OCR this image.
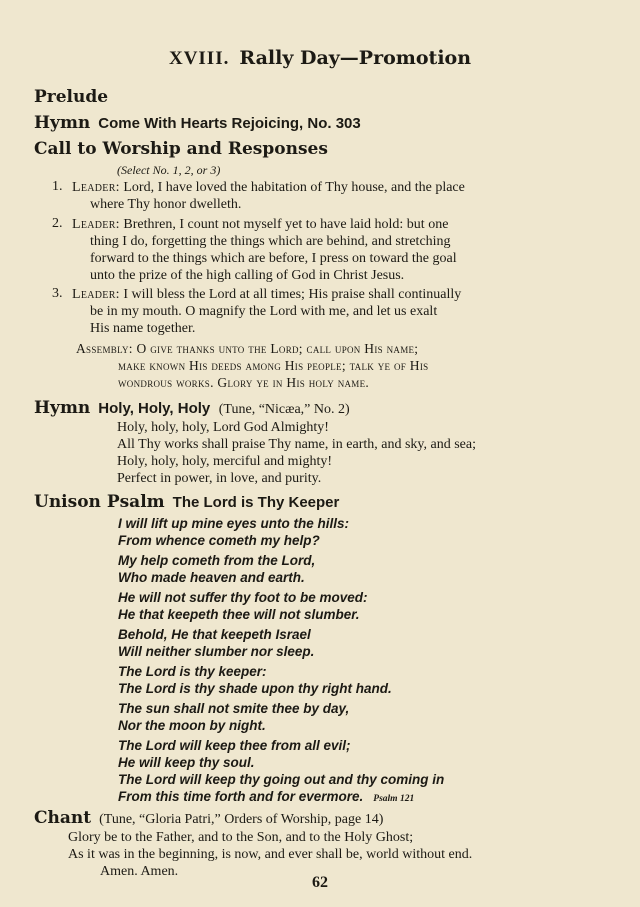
XVIII. Rally Day—Promotion
Prelude
Hymn Come With Hearts Rejoicing, No. 303
Call to Worship and Responses
(Select No. 1, 2, or 3)
1. Leader: Lord, I have loved the habitation of Thy house, and the place
where Thy honor dwelleth.
2. Leader: Brethren, I count not myself yet to have laid hold: but one
thing I do, forgetting the things which are behind, and stretching
forward to the things which are before, I press on toward the goal
unto the prize of the high calling of God in Christ Jesus.
3. Leader: I will bless the Lord at all times; His praise shall continually
be in my mouth. O magnify the Lord with me, and let us exalt
His name together.
Assembly: O give thanks unto the Lord; call upon His name;
make known His deeds among His people; talk ye of His
wondrous works. Glory ye in His holy name.
Hymn Holy, Holy, Holy (Tune, “Nicæa,” No. 2)
Holy, holy, holy, Lord God Almighty!
All Thy works shall praise Thy name, in earth, and sky, and sea;
Holy, holy, holy, merciful and mighty!
Perfect in power, in love, and purity.
Unison Psalm The Lord is Thy Keeper
I will lift up mine eyes unto the hills:
From whence cometh my help?
My help cometh from the Lord,
Who made heaven and earth.
He will not suffer thy foot to be moved:
He that keepeth thee will not slumber.
Behold, He that keepeth Israel
Will neither slumber nor sleep.
The Lord is thy keeper:
The Lord is thy shade upon thy right hand.
The sun shall not smite thee by day,
Nor the moon by night.
The Lord will keep thee from all evil;
He will keep thy soul.
The Lord will keep thy going out and thy coming in
From this time forth and for evermore. Psalm 121
Chant (Tune, “Gloria Patri,” Orders of Worship, page 14)
Glory be to the Father, and to the Son, and to the Holy Ghost;
As it was in the beginning, is now, and ever shall be, world without end.
Amen. Amen.
62
